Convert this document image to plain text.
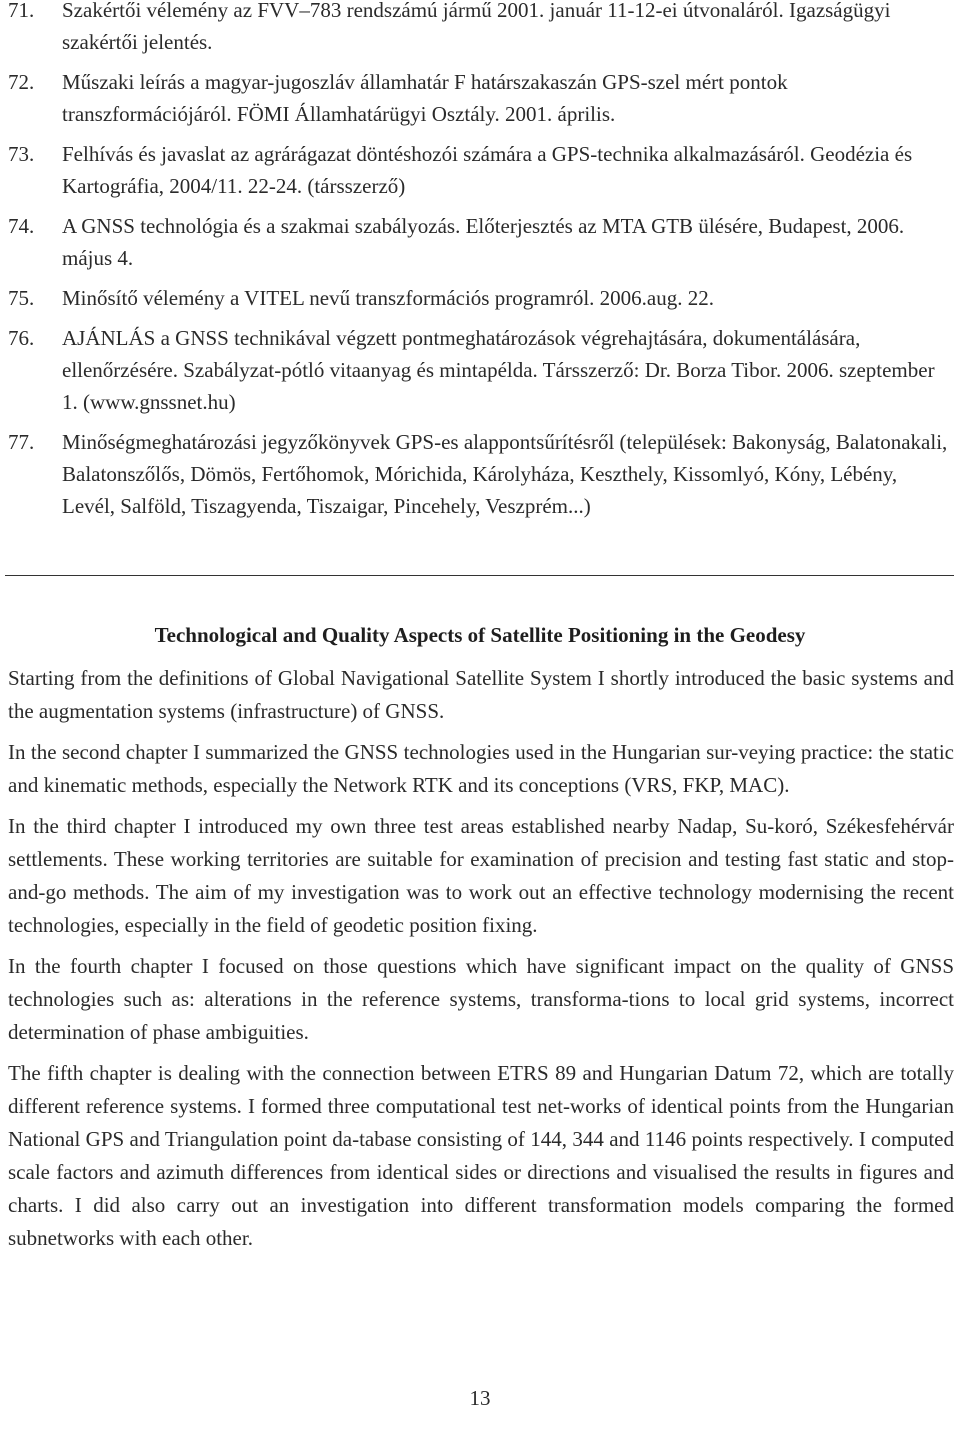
71. Szakértői vélemény az FVV–783 rendszámú jármű 2001. január 11-12-ei útvonaláról. Igazságügyi szakértői jelentés.
72. Műszaki leírás a magyar-jugoszláv államhatár F határszakaszán GPS-szel mért pontok transzformációjáról. FÖMI Államhatárügyi Osztály. 2001. április.
73. Felhívás és javaslat az agrárágazat döntéshozói számára a GPS-technika alkalmazásáról. Geodézia és Kartográfia, 2004/11. 22-24. (társszerző)
74. A GNSS technológia és a szakmai szabályozás. Előterjesztés az MTA GTB ülésére, Budapest, 2006. május 4.
75. Minősítő vélemény a VITEL nevű transzformációs programról. 2006.aug. 22.
76. AJÁNLÁS a GNSS technikával végzett pontmeghatározások végrehajtására, dokumentálására, ellenőrzésére. Szabályzat-pótló vitaanyag és mintapélda. Társszerző: Dr. Borza Tibor. 2006. szeptember 1. (www.gnssnet.hu)
77. Minőségmeghatározási jegyzőkönyvek GPS-es alappontsűrítésről (települések: Bakonyság, Balatonakali, Balatonszőlős, Dömös, Fertőhomok, Mórichida, Károlyháza, Keszthely, Kissomlyó, Kóny, Lébény, Levél, Salföld, Tiszagyenda, Tiszaigar, Pincehely, Veszprém...)
Technological and Quality Aspects of Satellite Positioning in the Geodesy

Starting from the definitions of Global Navigational Satellite System I shortly introduced the basic systems and the augmentation systems (infrastructure) of GNSS.

In the second chapter I summarized the GNSS technologies used in the Hungarian sur-veying practice: the static and kinematic methods, especially the Network RTK and its conceptions (VRS, FKP, MAC).

In the third chapter I introduced my own three test areas established nearby Nadap, Su-koró, Székesfehérvár settlements. These working territories are suitable for examination of precision and testing fast static and stop-and-go methods. The aim of my investigation was to work out an effective technology modernising the recent technologies, especially in the field of geodetic position fixing.

In the fourth chapter I focused on those questions which have significant impact on the quality of GNSS technologies such as: alterations in the reference systems, transforma-tions to local grid systems, incorrect determination of phase ambiguities.

The fifth chapter is dealing with the connection between ETRS 89 and Hungarian Datum 72, which are totally different reference systems. I formed three computational test net-works of identical points from the Hungarian National GPS and Triangulation point da-tabase consisting of 144, 344 and 1146 points respectively. I computed scale factors and azimuth differences from identical sides or directions and visualised the results in figures and charts. I did also carry out an investigation into different transformation models comparing the formed subnetworks with each other.

13
